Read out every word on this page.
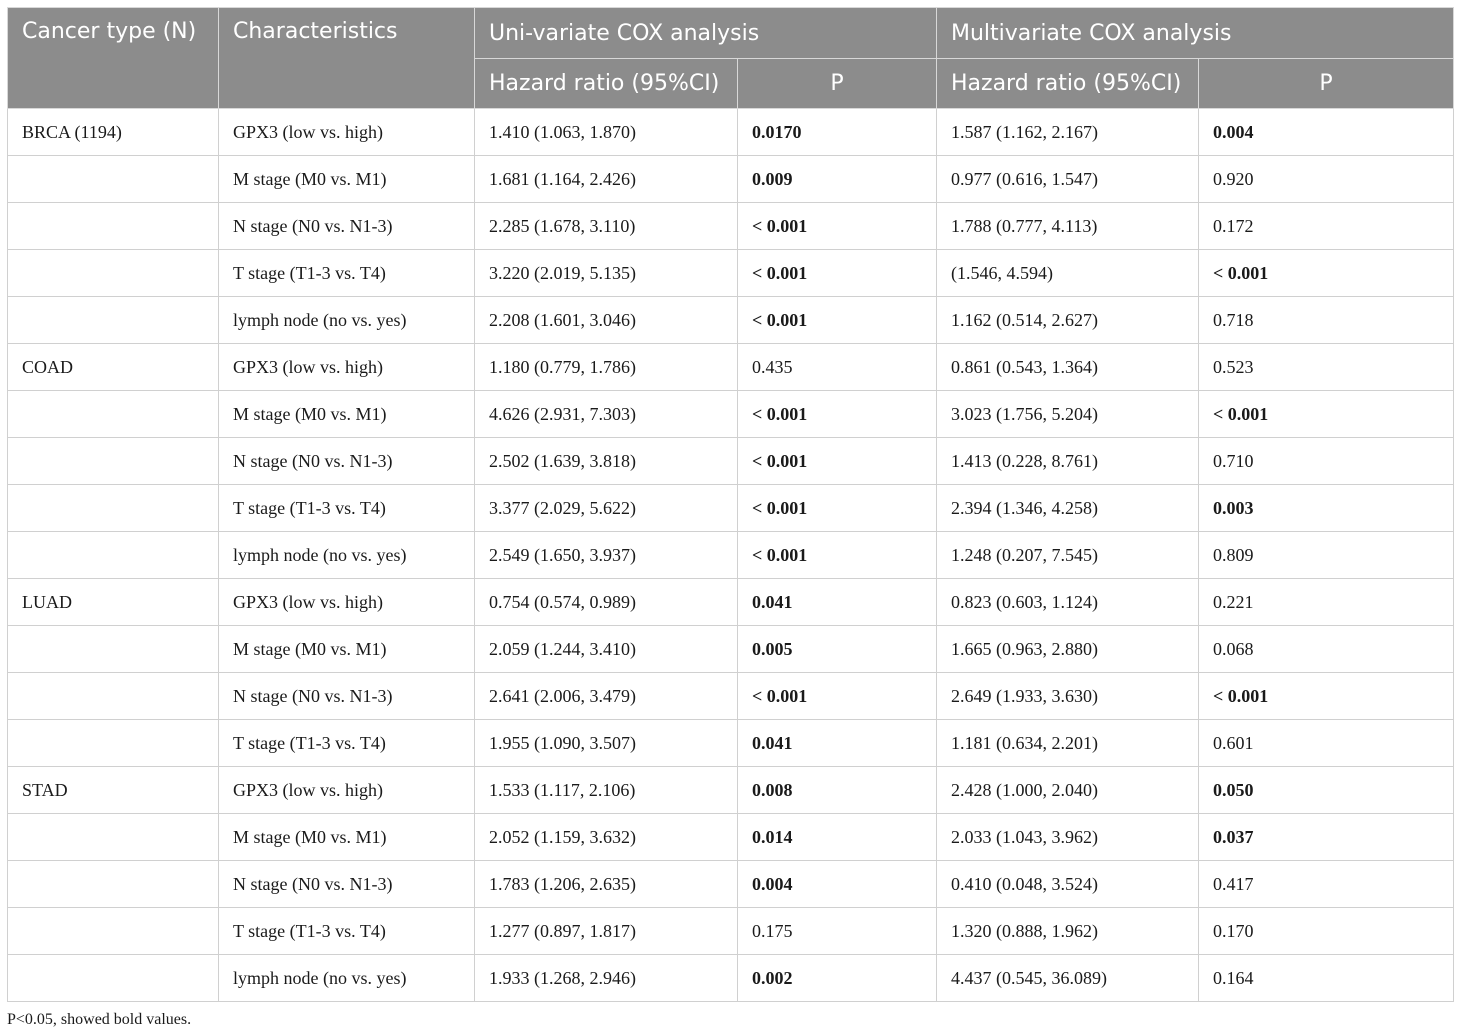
Cancer type (N)	Characteristics	Uni-variate COX analysis		Multivariate COX analysis	
		Hazard ratio (95%CI)	P	Hazard ratio (95%CI)	P
BRCA (1194)	GPX3 (low vs. high)	1.410 (1.063, 1.870)	0.0170	1.587 (1.162, 2.167)	0.004
	M stage (M0 vs. M1)	1.681 (1.164, 2.426)	0.009	0.977 (0.616, 1.547)	0.920
	N stage (N0 vs. N1-3)	2.285 (1.678, 3.110)	< 0.001	1.788 (0.777, 4.113)	0.172
	T stage (T1-3 vs. T4)	3.220 (2.019, 5.135)	< 0.001	(1.546, 4.594)	< 0.001
	lymph node (no vs. yes)	2.208 (1.601, 3.046)	< 0.001	1.162 (0.514, 2.627)	0.718
COAD	GPX3 (low vs. high)	1.180 (0.779, 1.786)	0.435	0.861 (0.543, 1.364)	0.523
	M stage (M0 vs. M1)	4.626 (2.931, 7.303)	< 0.001	3.023 (1.756, 5.204)	< 0.001
	N stage (N0 vs. N1-3)	2.502 (1.639, 3.818)	< 0.001	1.413 (0.228, 8.761)	0.710
	T stage (T1-3 vs. T4)	3.377 (2.029, 5.622)	< 0.001	2.394 (1.346, 4.258)	0.003
	lymph node (no vs. yes)	2.549 (1.650, 3.937)	< 0.001	1.248 (0.207, 7.545)	0.809
LUAD	GPX3 (low vs. high)	0.754 (0.574, 0.989)	0.041	0.823 (0.603, 1.124)	0.221
	M stage (M0 vs. M1)	2.059 (1.244, 3.410)	0.005	1.665 (0.963, 2.880)	0.068
	N stage (N0 vs. N1-3)	2.641 (2.006, 3.479)	< 0.001	2.649 (1.933, 3.630)	< 0.001
	T stage (T1-3 vs. T4)	1.955 (1.090, 3.507)	0.041	1.181 (0.634, 2.201)	0.601
STAD	GPX3 (low vs. high)	1.533 (1.117, 2.106)	0.008	2.428 (1.000, 2.040)	0.050
	M stage (M0 vs. M1)	2.052 (1.159, 3.632)	0.014	2.033 (1.043, 3.962)	0.037
	N stage (N0 vs. N1-3)	1.783 (1.206, 2.635)	0.004	0.410 (0.048, 3.524)	0.417
	T stage (T1-3 vs. T4)	1.277 (0.897, 1.817)	0.175	1.320 (0.888, 1.962)	0.170
	lymph node (no vs. yes)	1.933 (1.268, 2.946)	0.002	4.437 (0.545, 36.089)	0.164
P<0.05, showed bold values.
